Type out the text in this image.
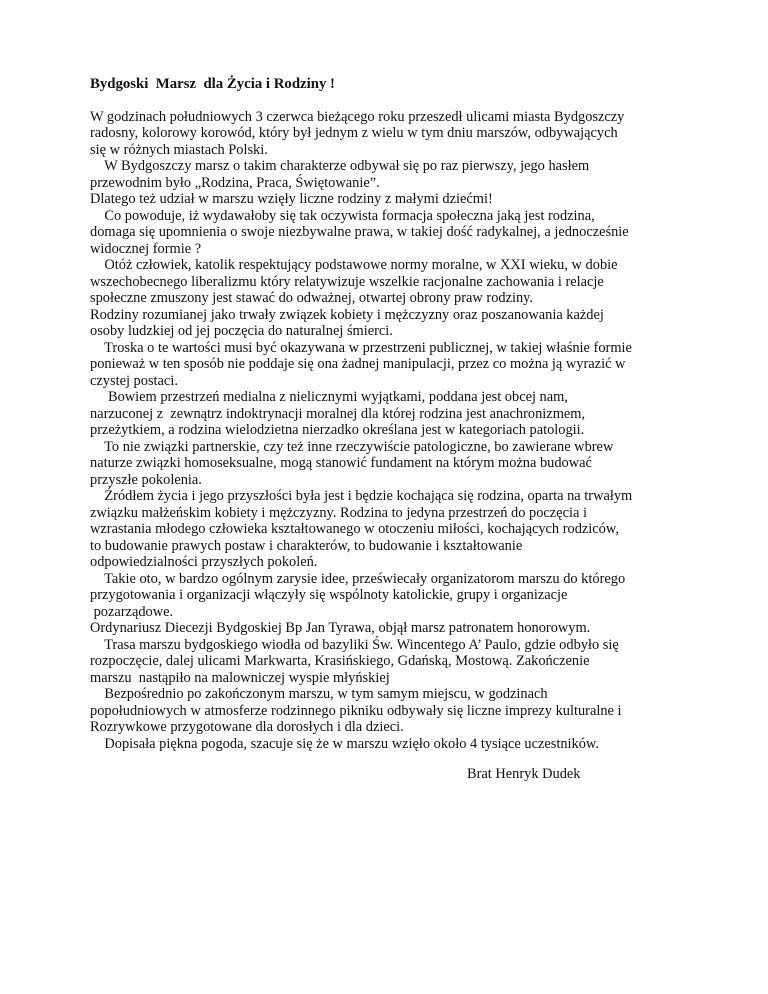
Bydgoski  Marsz  dla Życia i Rodziny !
W godzinach południowych 3 czerwca bieżącego roku przeszedł ulicami miasta Bydgoszczy
radosny, kolorowy korowód, który był jednym z wielu w tym dniu marszów, odbywających
się w różnych miastach Polski.
W Bydgoszczy marsz o takim charakterze odbywał się po raz pierwszy, jego hasłem
przewodnim było „Rodzina, Praca, Świętowanie”.
Dlatego też udział w marszu wzięły liczne rodziny z małymi dziećmi!
Co powoduje, iż wydawałoby się tak oczywista formacja społeczna jaką jest rodzina,
domaga się upomnienia o swoje niezbywalne prawa, w takiej dość radykalnej, a jednocześnie
widocznej formie ?
Otóż człowiek, katolik respektujący podstawowe normy moralne, w XXI wieku, w dobie
wszechobecnego liberalizmu który relatywizuje wszelkie racjonalne zachowania i relacje
społeczne zmuszony jest stawać do odważnej, otwartej obrony praw rodziny.
Rodziny rozumianej jako trwały związek kobiety i mężczyzny oraz poszanowania każdej
osoby ludzkiej od jej poczęcia do naturalnej śmierci.
Troska o te wartości musi być okazywana w przestrzeni publicznej, w takiej właśnie formie
ponieważ w ten sposób nie poddaje się ona żadnej manipulacji, przez co można ją wyrazić w
czystej postaci.
Bowiem przestrzeń medialna z nielicznymi wyjątkami, poddana jest obcej nam,
narzuconej z  zewnątrz indoktrynacji moralnej dla której rodzina jest anachronizmem,
przeżytkiem, a rodzina wielodzietna nierzadko określana jest w kategoriach patologii.
To nie związki partnerskie, czy też inne rzeczywiście patologiczne, bo zawierane wbrew
naturze związki homoseksualne, mogą stanowić fundament na którym można budować
przyszłe pokolenia.
Źródłem życia i jego przyszłości była jest i będzie kochająca się rodzina, oparta na trwałym
związku małżeńskim kobiety i mężczyzny. Rodzina to jedyna przestrzeń do poczęcia i
wzrastania młodego człowieka kształtowanego w otoczeniu miłości, kochających rodziców,
to budowanie prawych postaw i charakterów, to budowanie i kształtowanie
odpowiedzialności przyszłych pokoleń.
Takie oto, w bardzo ogólnym zarysie idee, przeświecały organizatorom marszu do którego
przygotowania i organizacji włączyły się wspólnoty katolickie, grupy i organizacje
pozarządowe.
Ordynariusz Diecezji Bydgoskiej Bp Jan Tyrawa, objął marsz patronatem honorowym.
Trasa marszu bydgoskiego wiodła od bazyliki Św. Wincentego A’ Paulo, gdzie odbyło się
rozpoczęcie, dalej ulicami Markwarta, Krasińskiego, Gdańską, Mostową. Zakończenie
marszu  nastąpiło na malowniczej wyspie młyńskiej
Bezpośrednio po zakończonym marszu, w tym samym miejscu, w godzinach
popołudniowych w atmosferze rodzinnego pikniku odbywały się liczne imprezy kulturalne i
Rozrywkowe przygotowane dla dorosłych i dla dzieci.
Dopisała piękna pogoda, szacuje się że w marszu wzięło około 4 tysiące uczestników.
Brat Henryk Dudek
